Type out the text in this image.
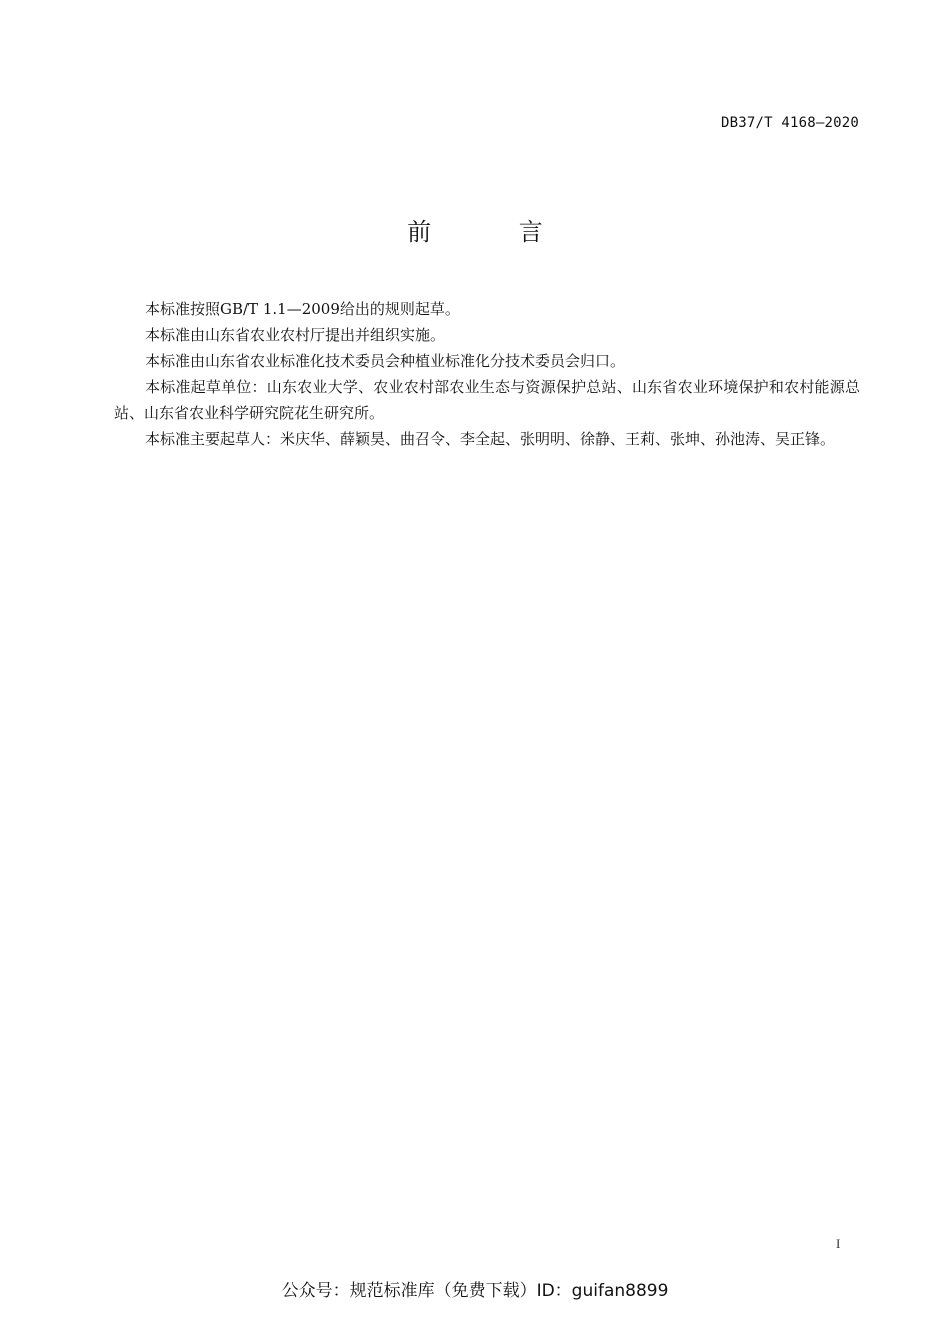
DB37/T 4168—2020
前 言

本标准按照GB/T 1.1—2009给出的规则起草。

本标准由山东省农业农村厅提出并组织实施。

本标准由山东省农业标准化技术委员会种植业标准化分技术委员会归口。

本标准起草单位：山东农业大学、农业农村部农业生态与资源保护总站、山东省农业环境保护和农村能源总站、山东省农业科学研究院花生研究所。

本标准主要起草人：米庆华、薛颖昊、曲召令、李全起、张明明、徐静、王莉、张坤、孙池涛、吴正锋。

I
公众号：规范标准库（免费下载）ID：guifan8899
